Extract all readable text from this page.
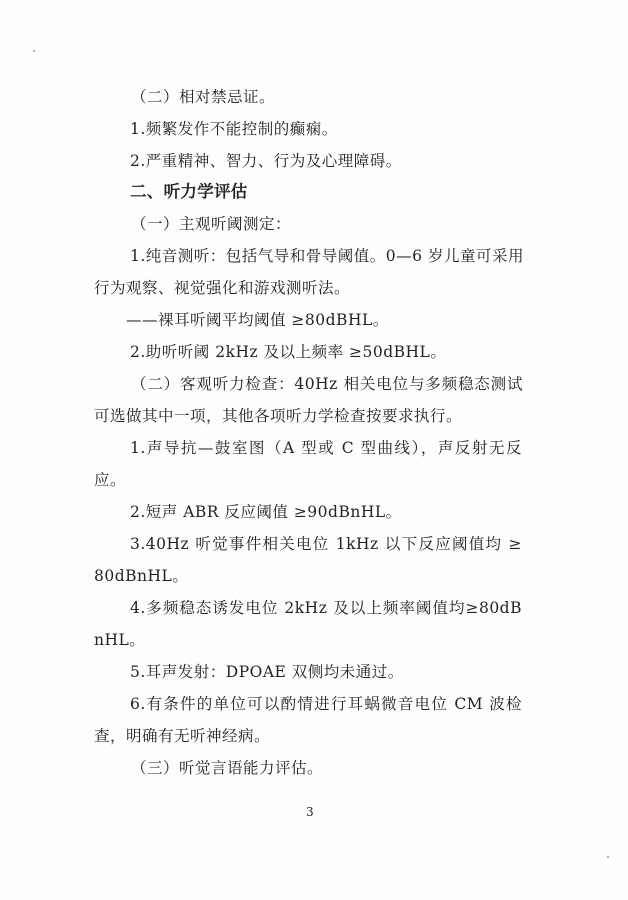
（二）相对禁忌证。
1.频繁发作不能控制的癫痫。
2.严重精神、智力、行为及心理障碍。
二、听力学评估
（一）主观听阈测定：
1.纯音测听：包括气导和骨导阈值。0—6 岁儿童可采用
行为观察、视觉强化和游戏测听法。
——裸耳听阈平均阈值 ≥80dBHL。
2.助听听阈 2kHz 及以上频率 ≥50dBHL。
（二）客观听力检查：40Hz 相关电位与多频稳态测试
可选做其中一项，其他各项听力学检查按要求执行。
1.声导抗—鼓室图（A 型或 C 型曲线），声反射无反
应。
2.短声 ABR 反应阈值 ≥90dBnHL。
3.40Hz 听觉事件相关电位 1kHz 以下反应阈值均 ≥
80dBnHL。
4.多频稳态诱发电位 2kHz 及以上频率阈值均≥80dB
nHL。
5.耳声发射：DPOAE 双侧均未通过。
6.有条件的单位可以酌情进行耳蜗微音电位 CM 波检
查，明确有无听神经病。
（三）听觉言语能力评估。
3
